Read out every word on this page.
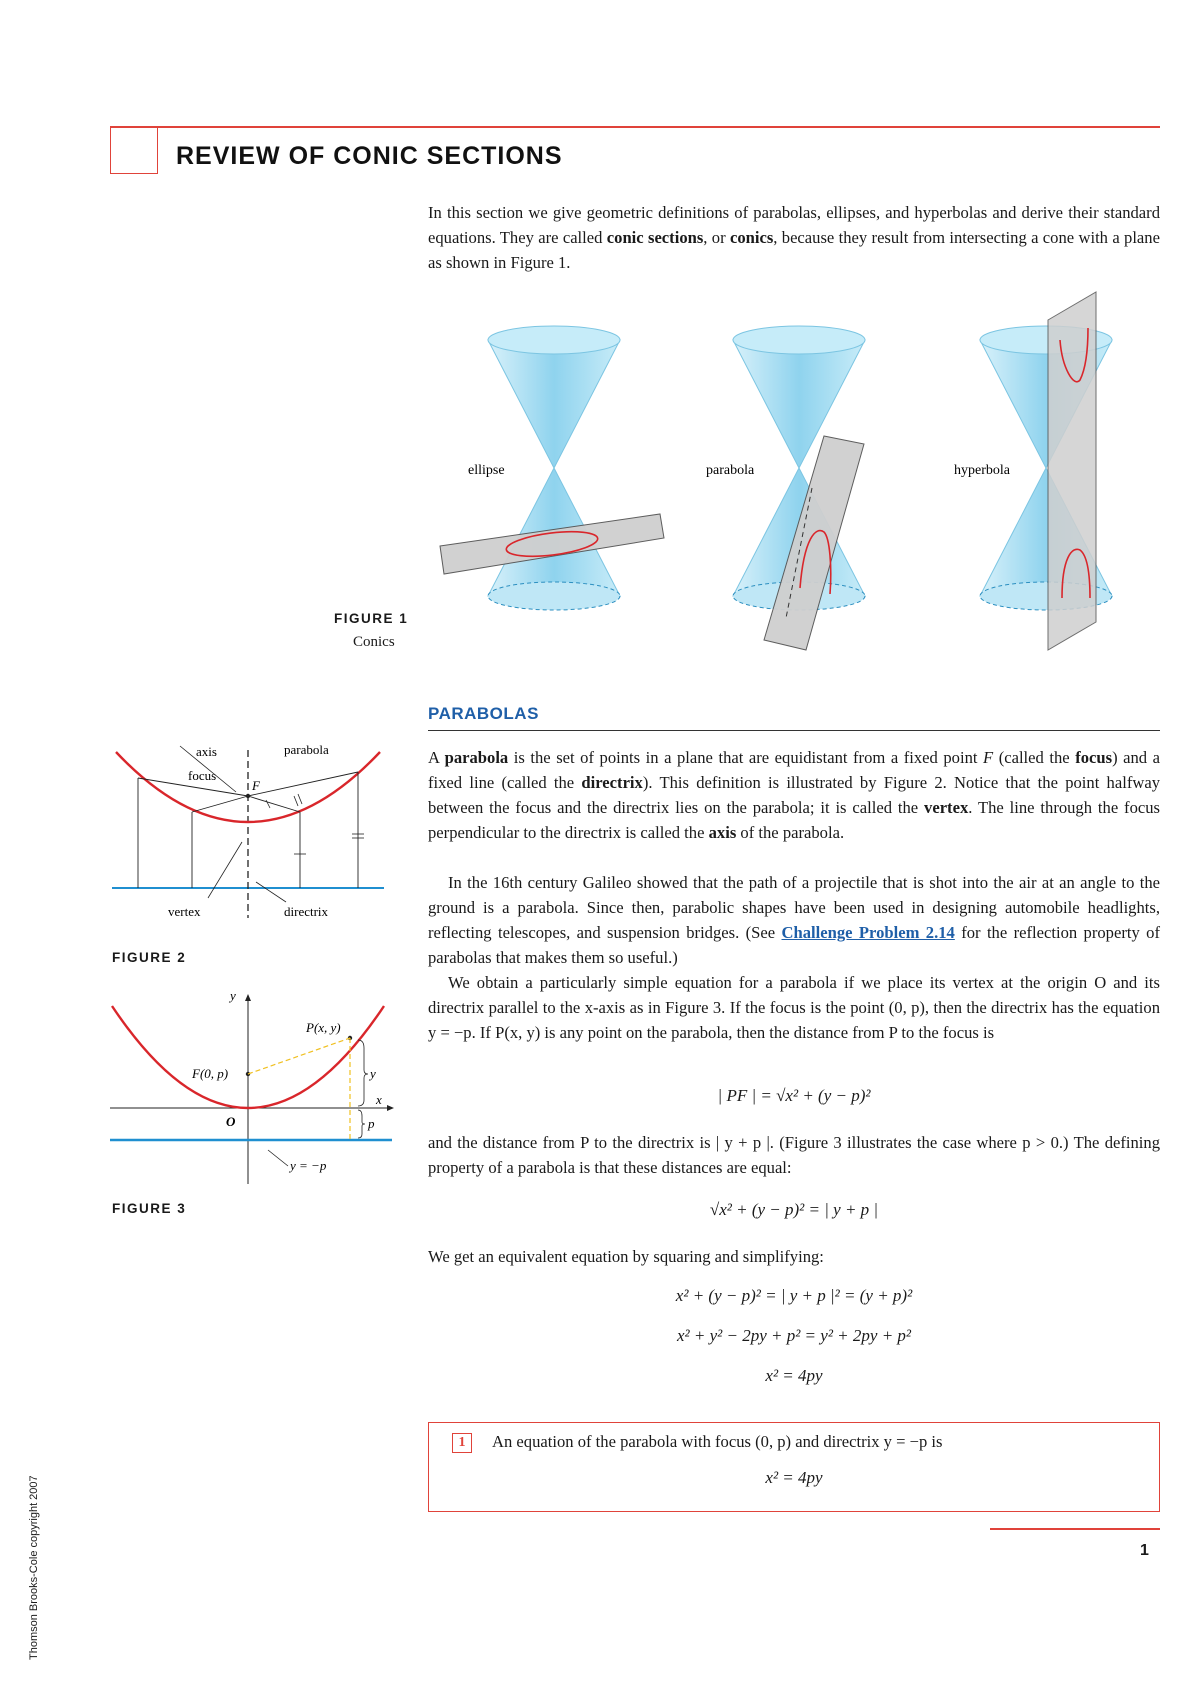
REVIEW OF CONIC SECTIONS

In this section we give geometric definitions of parabolas, ellipses, and hyperbolas and derive their standard equations. They are called conic sections, or conics, because they result from intersecting a cone with a plane as shown in Figure 1.

ellipse	parabola	hyperbola
FIGURE 1
Conics
PARABOLAS
axis	parabola
focus
F
vertex	directrix
FIGURE 2
y
x
P(x, y)
F(0, p)
O
y
p
y = −p
FIGURE 3

A parabola is the set of points in a plane that are equidistant from a fixed point F (called the focus) and a fixed line (called the directrix). This definition is illustrated by Figure 2. Notice that the point halfway between the focus and the directrix lies on the parabola; it is called the vertex. The line through the focus perpendicular to the directrix is called the axis of the parabola.

In the 16th century Galileo showed that the path of a projectile that is shot into the air at an angle to the ground is a parabola. Since then, parabolic shapes have been used in designing automobile headlights, reflecting telescopes, and suspension bridges. (See Challenge Problem 2.14 for the reflection property of parabolas that makes them so useful.)

We obtain a particularly simple equation for a parabola if we place its vertex at the origin O and its directrix parallel to the x-axis as in Figure 3. If the focus is the point (0, p), then the directrix has the equation y = −p. If P(x, y) is any point on the parabola, then the distance from P to the focus is

| PF | = √x² + (y − p)²

and the distance from P to the directrix is | y + p |. (Figure 3 illustrates the case where p > 0.) The defining property of a parabola is that these distances are equal:

√x² + (y − p)² = | y + p |

We get an equivalent equation by squaring and simplifying:

x² + (y − p)² = | y + p |² = (y + p)²
x² + y² − 2py + p² = y² + 2py + p²
x² = 4py
1	An equation of the parabola with focus (0, p) and directrix y = −p is
x² = 4py
1
Thomson Brooks-Cole copyright 2007
